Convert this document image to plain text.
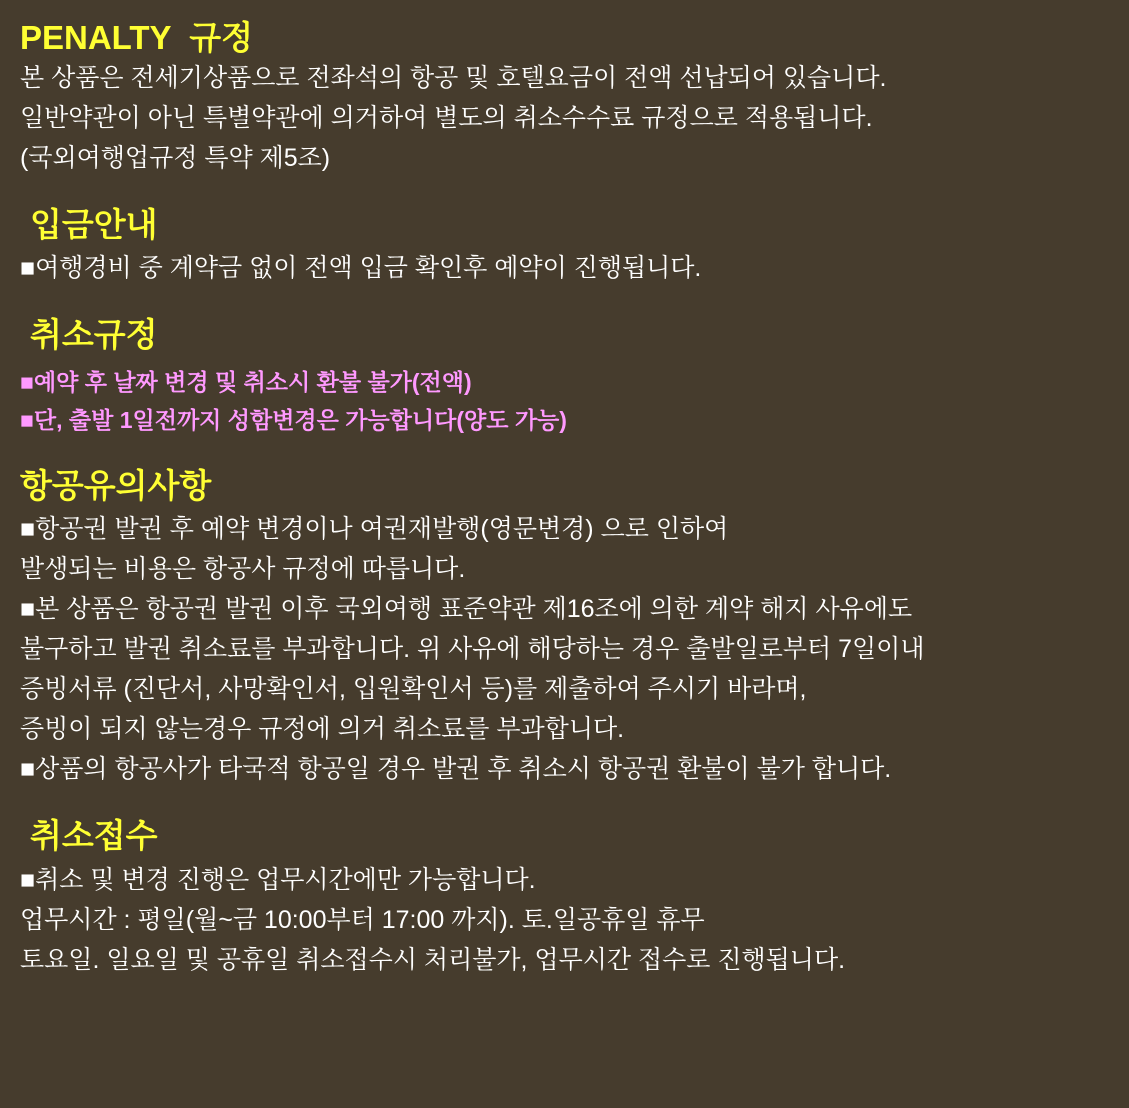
PENALTY  규정
본 상품은 전세기상품으로 전좌석의 항공 및 호텔요금이 전액 선납되어 있습니다.
일반약관이 아닌 특별약관에 의거하여 별도의 취소수수료 규정으로 적용됩니다.
(국외여행업규정 특약 제5조)
입금안내
■여행경비 중 계약금 없이 전액 입금 확인후 예약이 진행됩니다.
취소규정
■예약 후 날짜 변경 및 취소시 환불 불가(전액)
■단, 출발 1일전까지 성함변경은 가능합니다(양도 가능)
항공유의사항
■항공권 발권 후 예약 변경이나 여권재발행(영문변경) 으로 인하여
발생되는 비용은 항공사 규정에 따릅니다.
■본 상품은 항공권 발권 이후 국외여행 표준약관 제16조에 의한 계약 해지 사유에도
불구하고 발권 취소료를 부과합니다. 위 사유에 해당하는 경우 출발일로부터 7일이내
증빙서류 (진단서, 사망확인서, 입원확인서 등)를 제출하여 주시기 바라며,
증빙이 되지 않는경우 규정에 의거 취소료를 부과합니다.
■상품의 항공사가 타국적 항공일 경우 발권 후 취소시 항공권 환불이 불가 합니다.
취소접수
■취소 및 변경 진행은 업무시간에만 가능합니다.
업무시간 : 평일(월~금 10:00부터 17:00 까지). 토.일공휴일 휴무
토요일. 일요일 및 공휴일 취소접수시 처리불가, 업무시간 접수로 진행됩니다.
